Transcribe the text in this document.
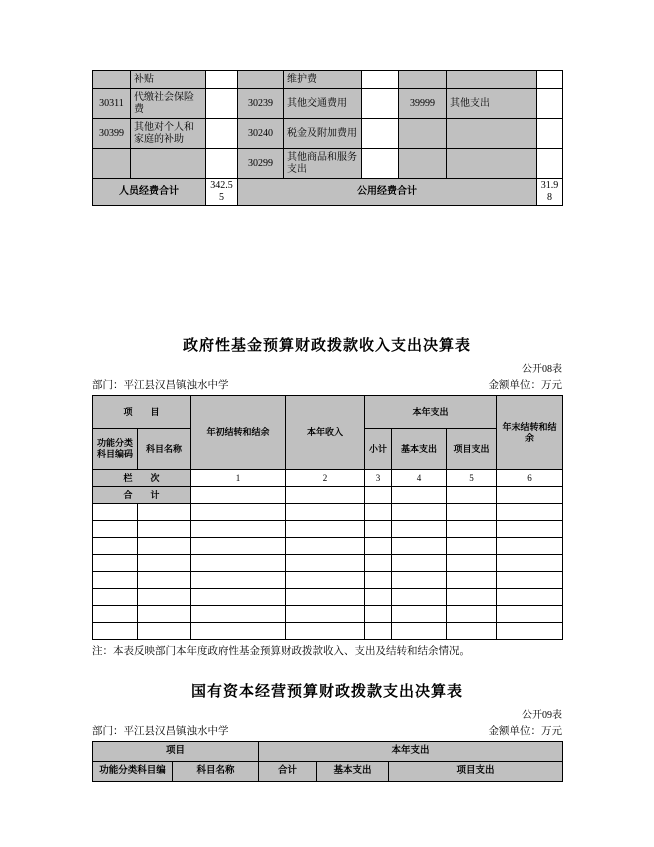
	补贴			维护费				
30311	代缴社会保险费		30239	其他交通费用		39999	其他支出	
30399	其他对个人和家庭的补助		30240	税金及附加费用				
			30299	其他商品和服务支出				
人员经费合计		342.55	公用经费合计					31.98
政府性基金预算财政拨款收入支出决算表
公开08表
部门：平江县汉昌镇浊水中学	金额单位：万元
项　　目		年初结转和结余	本年收入	本年支出			年末结转和结余
功能分类科目编码	科目名称			小计	基本支出	项目支出	
栏　　次		1	2	3	4	5	6
合　　计							

注：本表反映部门本年度政府性基金预算财政拨款收入、支出及结转和结余情况。
国有资本经营预算财政拨款支出决算表
公开09表
部门：平江县汉昌镇浊水中学	金额单位：万元
项目		本年支出		
功能分类科目编	科目名称	合计	基本支出	项目支出
